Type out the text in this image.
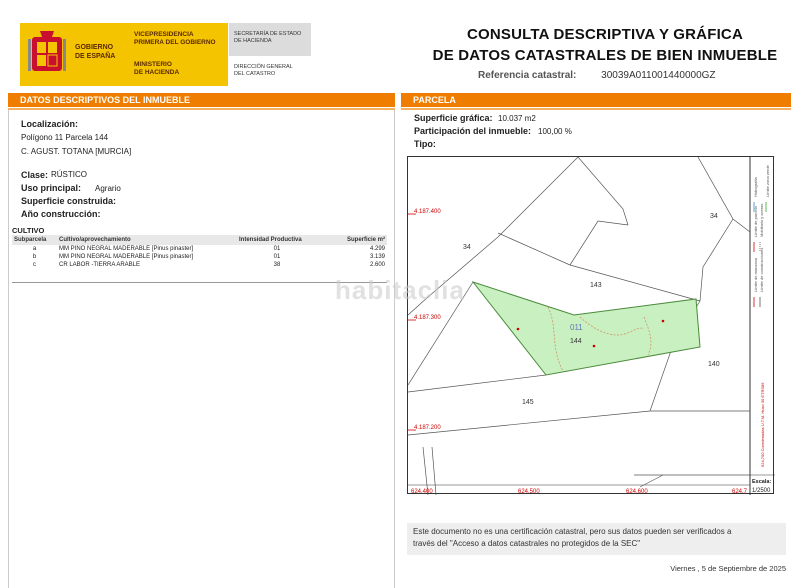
GOBIERNO
DE ESPAÑA
VICEPRESIDENCIA
PRIMERA DEL GOBIERNO
MINISTERIO
DE HACIENDA
SECRETARÍA DE ESTADO
DE HACIENDA
DIRECCIÓN GENERAL
DEL CATASTRO
CONSULTA DESCRIPTIVA Y GRÁFICA
DE DATOS CATASTRALES DE BIEN INMUEBLE
Referencia catastral: 30039A011001440000GZ
DATOS DESCRIPTIVOS DEL INMUEBLE	PARCELA
Localización:
Polígono 11 Parcela 144
C. AGUST. TOTANA [MURCIA]
Clase: RÚSTICO
Uso principal: Agrario
Superficie construida:
Año construcción:
CULTIVO
Subparcela	Cultivo/aprovechamiento	Intensidad Productiva	Superficie m²
a	MM PINO NEGRAL MADERABLE [Pinus pinaster]	01	4.299
b	MM PINO NEGRAL MADERABLE [Pinus pinaster]	01	3.139
c	CR LABOR -TIERRA ARABLE	38	2.600
Superficie gráfica: 10.037 m2
Participación del inmueble: 100,00 %
Tipo:
34
34
143
144
140
145
011
4.187.400
4.187.300
4.187.200
624.400	624.500	624.600	624.7
Límite de manzana
Límite de parcela
Límite de construcciones
Mobiliario y aceras
Límite zona verde
Hidrografía
624,700 Coordenadas U.T.M. Huso 30 ETRS89
Escala:
1/2500
Este documento no es una certificación catastral, pero sus datos pueden ser verificados a
través del "Acceso a datos catastrales no protegidos de la SEC"
Viernes , 5 de Septiembre de 2025
habitaclia
